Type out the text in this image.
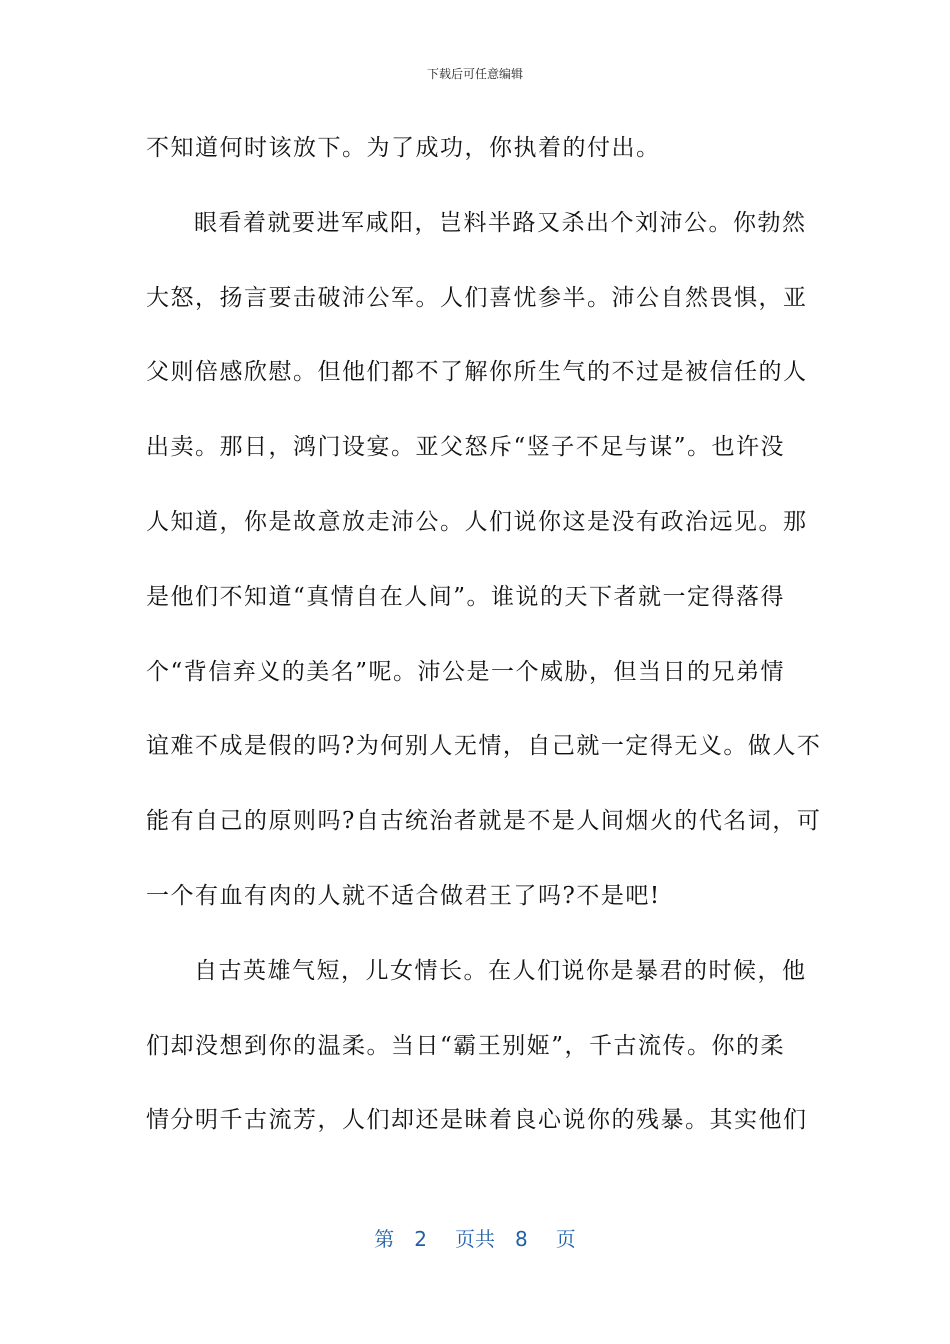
下载后可任意编辑
不知道何时该放下。为了成功，你执着的付出。
眼看着就要进军咸阳，岂料半路又杀出个刘沛公。你勃然
大怒，扬言要击破沛公军。人们喜忧参半。沛公自然畏惧，亚
父则倍感欣慰。但他们都不了解你所生气的不过是被信任的人
出卖。那日，鸿门设宴。亚父怒斥“竖子不足与谋”。也许没
人知道，你是故意放走沛公。人们说你这是没有政治远见。那
是他们不知道“真情自在人间”。谁说的天下者就一定得落得
个“背信弃义的美名”呢。沛公是一个威胁，但当日的兄弟情
谊难不成是假的吗?为何别人无情，自己就一定得无义。做人不
能有自己的原则吗?自古统治者就是不是人间烟火的代名词，可
一个有血有肉的人就不适合做君王了吗?不是吧!
自古英雄气短，儿女情长。在人们说你是暴君的时候，他
们却没想到你的温柔。当日“霸王别姬”，千古流传。你的柔
情分明千古流芳，人们却还是昧着良心说你的残暴。其实他们
第 2 页共 8 页
